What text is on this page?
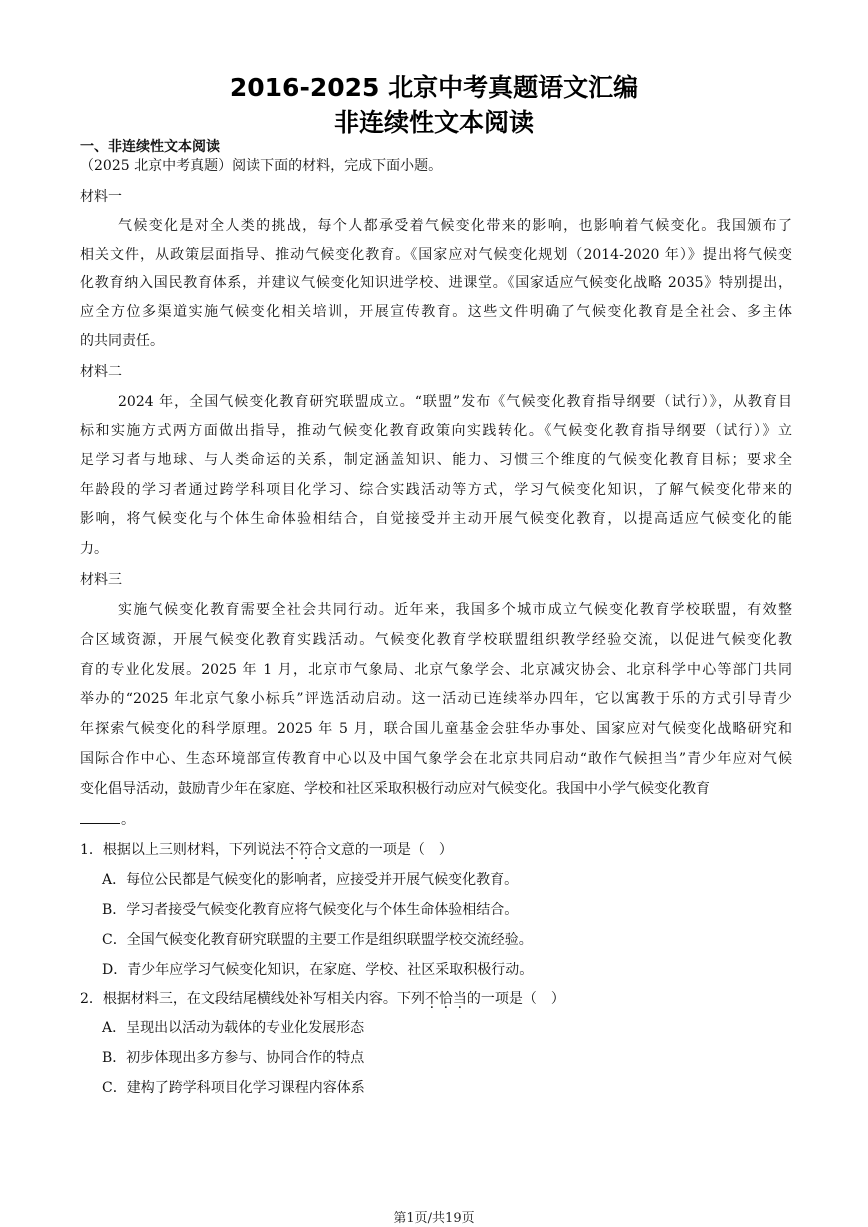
2016-2025 北京中考真题语文汇编
非连续性文本阅读
一、非连续性文本阅读
（2025 北京中考真题）阅读下面的材料，完成下面小题。
材料一
气候变化是对全人类的挑战，每个人都承受着气候变化带来的影响，也影响着气候变化。我国颁布了
相关文件，从政策层面指导、推动气候变化教育。《国家应对气候变化规划（2014-2020 年）》提出将气候变
化教育纳入国民教育体系，并建议气候变化知识进学校、进课堂。《国家适应气候变化战略 2035》特别提出，
应全方位多渠道实施气候变化相关培训，开展宣传教育。这些文件明确了气候变化教育是全社会、多主体
的共同责任。
材料二
2024 年，全国气候变化教育研究联盟成立。“联盟”发布《气候变化教育指导纲要（试行）》，从教育目
标和实施方式两方面做出指导，推动气候变化教育政策向实践转化。《气候变化教育指导纲要（试行）》立
足学习者与地球、与人类命运的关系，制定涵盖知识、能力、习惯三个维度的气候变化教育目标；要求全
年龄段的学习者通过跨学科项目化学习、综合实践活动等方式，学习气候变化知识，了解气候变化带来的
影响，将气候变化与个体生命体验相结合，自觉接受并主动开展气候变化教育，以提高适应气候变化的能
力。
材料三
实施气候变化教育需要全社会共同行动。近年来，我国多个城市成立气候变化教育学校联盟，有效整
合区域资源，开展气候变化教育实践活动。气候变化教育学校联盟组织教学经验交流，以促进气候变化教
育的专业化发展。2025 年 1 月，北京市气象局、北京气象学会、北京减灾协会、北京科学中心等部门共同
举办的“2025 年北京气象小标兵”评选活动启动。这一活动已连续举办四年，它以寓教于乐的方式引导青少
年探索气候变化的科学原理。2025 年 5 月，联合国儿童基金会驻华办事处、国家应对气候变化战略研究和
国际合作中心、生态环境部宣传教育中心以及中国气象学会在北京共同启动“敢作气候担当”青少年应对气候
变化倡导活动，鼓励青少年在家庭、学校和社区采取积极行动应对气候变化。我国中小学气候变化教育
。
1．根据以上三则材料，下列说法不符合文意的一项是（　）
A．每位公民都是气候变化的影响者，应接受并开展气候变化教育。
B．学习者接受气候变化教育应将气候变化与个体生命体验相结合。
C．全国气候变化教育研究联盟的主要工作是组织联盟学校交流经验。
D．青少年应学习气候变化知识，在家庭、学校、社区采取积极行动。
2．根据材料三，在文段结尾横线处补写相关内容。下列不恰当的一项是（　）
A．呈现出以活动为载体的专业化发展形态
B．初步体现出多方参与、协同合作的特点
C．建构了跨学科项目化学习课程内容体系
第1页/共19页
